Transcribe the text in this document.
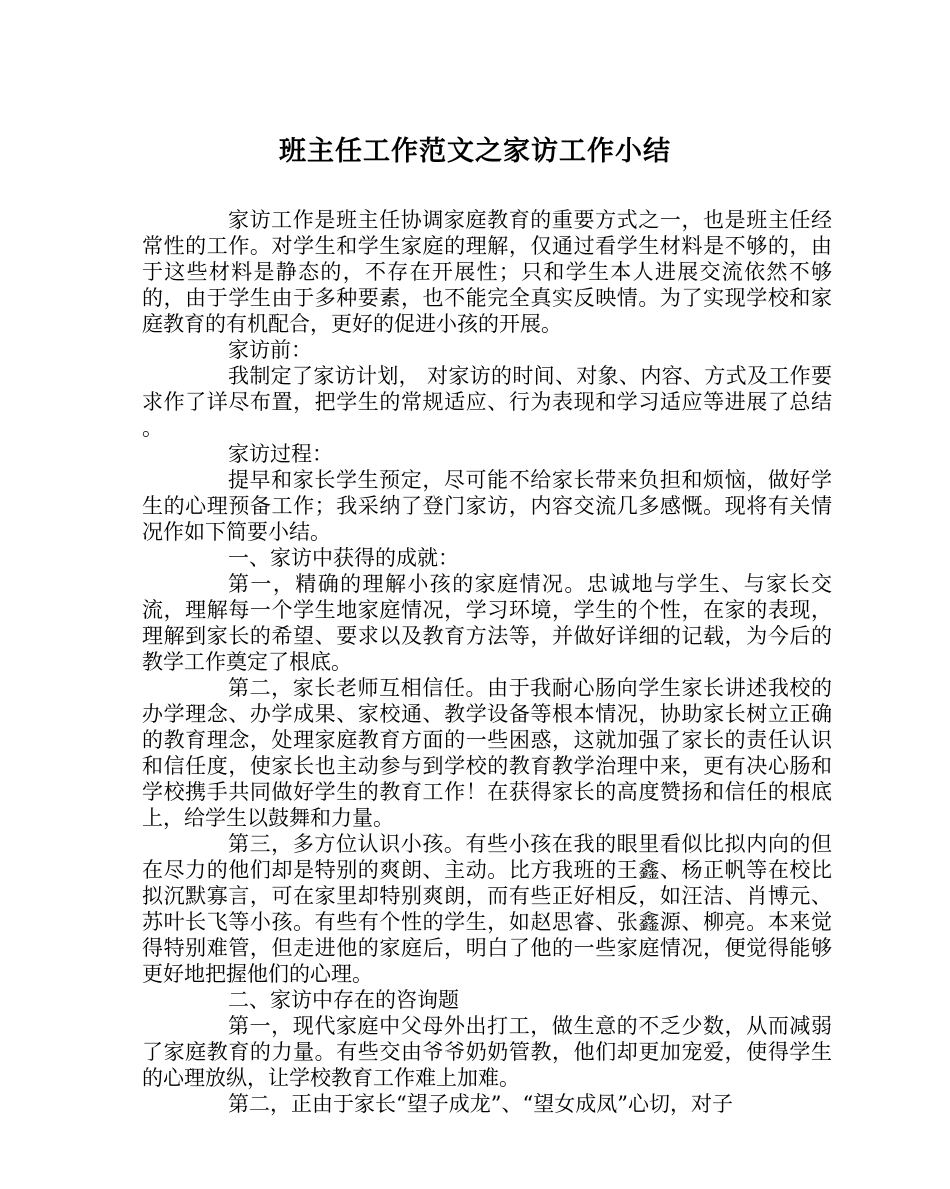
班主任工作范文之家访工作小结

家访工作是班主任协调家庭教育的重要方式之一，也是班主任经常性的工作。对学生和学生家庭的理解，仅通过看学生材料是不够的，由于这些材料是静态的，不存在开展性；只和学生本人进展交流依然不够的，由于学生由于多种要素，也不能完全真实反映情。为了实现学校和家庭教育的有机配合，更好的促进小孩的开展。

家访前：

我制定了家访计划， 对家访的时间、对象、内容、方式及工作要求作了详尽布置，把学生的常规适应、行为表现和学习适应等进展了总结 。

家访过程：

提早和家长学生预定，尽可能不给家长带来负担和烦恼，做好学生的心理预备工作；我采纳了登门家访，内容交流几多感慨。现将有关情况作如下简要小结。

一、家访中获得的成就：

第一，精确的理解小孩的家庭情况。忠诚地与学生、与家长交流，理解每一个学生地家庭情况，学习环境，学生的个性，在家的表现，理解到家长的希望、要求以及教育方法等，并做好详细的记载，为今后的教学工作奠定了根底。

第二，家长老师互相信任。由于我耐心肠向学生家长讲述我校的办学理念、办学成果、家校通、教学设备等根本情况，协助家长树立正确的教育理念，处理家庭教育方面的一些困惑，这就加强了家长的责任认识和信任度，使家长也主动参与到学校的教育教学治理中来，更有决心肠和学校携手共同做好学生的教育工作！在获得家长的高度赞扬和信任的根底上，给学生以鼓舞和力量。

第三，多方位认识小孩。有些小孩在我的眼里看似比拟内向的但在尽力的他们却是特别的爽朗、主动。比方我班的王鑫、杨正帆等在校比拟沉默寡言，可在家里却特别爽朗，而有些正好相反，如汪洁、肖博元、苏叶长飞等小孩。有些有个性的学生，如赵思睿、张鑫源、柳亮。本来觉得特别难管，但走进他的家庭后，明白了他的一些家庭情况，便觉得能够更好地把握他们的心理。

二、家访中存在的咨询题

第一，现代家庭中父母外出打工，做生意的不乏少数，从而减弱了家庭教育的力量。有些交由爷爷奶奶管教，他们却更加宠爱，使得学生的心理放纵，让学校教育工作难上加难。

第二，正由于家长“望子成龙”、“望女成凤”心切，对子
